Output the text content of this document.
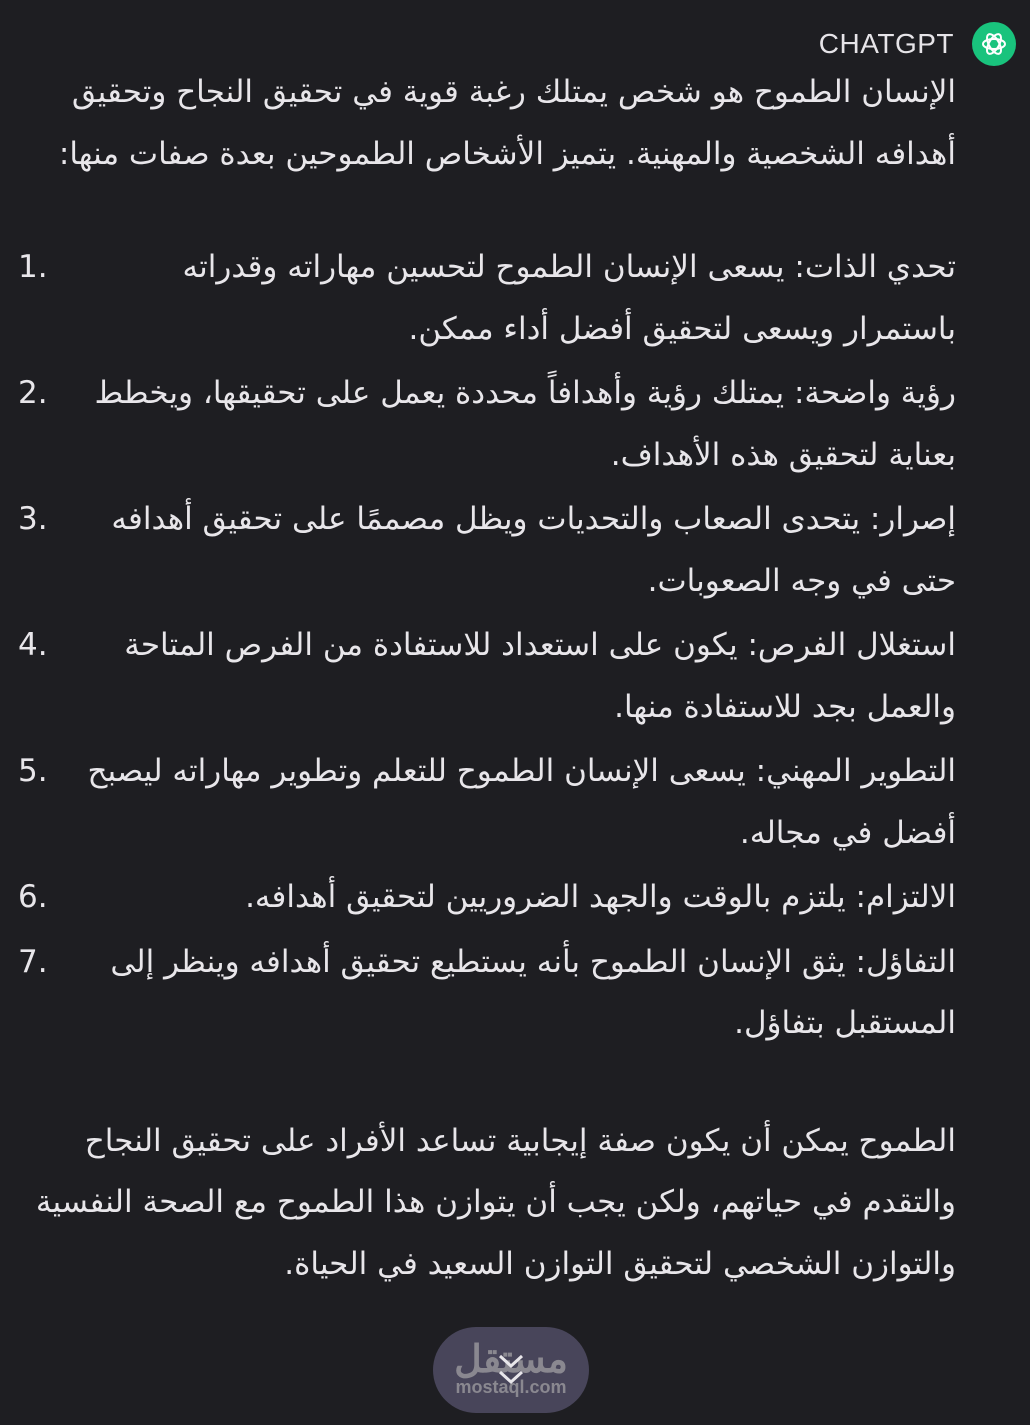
CHATGPT

الإنسان الطموح هو شخص يمتلك رغبة قوية في تحقيق النجاح وتحقيق أهدافه الشخصية والمهنية. يتميز الأشخاص الطموحين بعدة صفات منها:

1.	تحدي الذات: يسعى الإنسان الطموح لتحسين مهاراته وقدراته باستمرار ويسعى لتحقيق أفضل أداء ممكن.
2.	رؤية واضحة: يمتلك رؤية وأهدافاً محددة يعمل على تحقيقها، ويخطط بعناية لتحقيق هذه الأهداف.
3.	إصرار: يتحدى الصعاب والتحديات ويظل مصممًا على تحقيق أهدافه حتى في وجه الصعوبات.
4.	استغلال الفرص: يكون على استعداد للاستفادة من الفرص المتاحة والعمل بجد للاستفادة منها.
5.	التطوير المهني: يسعى الإنسان الطموح للتعلم وتطوير مهاراته ليصبح أفضل في مجاله.
6.	الالتزام: يلتزم بالوقت والجهد الضروريين لتحقيق أهدافه.
7.	التفاؤل: يثق الإنسان الطموح بأنه يستطيع تحقيق أهدافه وينظر إلى المستقبل بتفاؤل.

الطموح يمكن أن يكون صفة إيجابية تساعد الأفراد على تحقيق النجاح والتقدم في حياتهم، ولكن يجب أن يتوازن هذا الطموح مع الصحة النفسية والتوازن الشخصي لتحقيق التوازن السعيد في الحياة.

مستقل
mostaql.com
